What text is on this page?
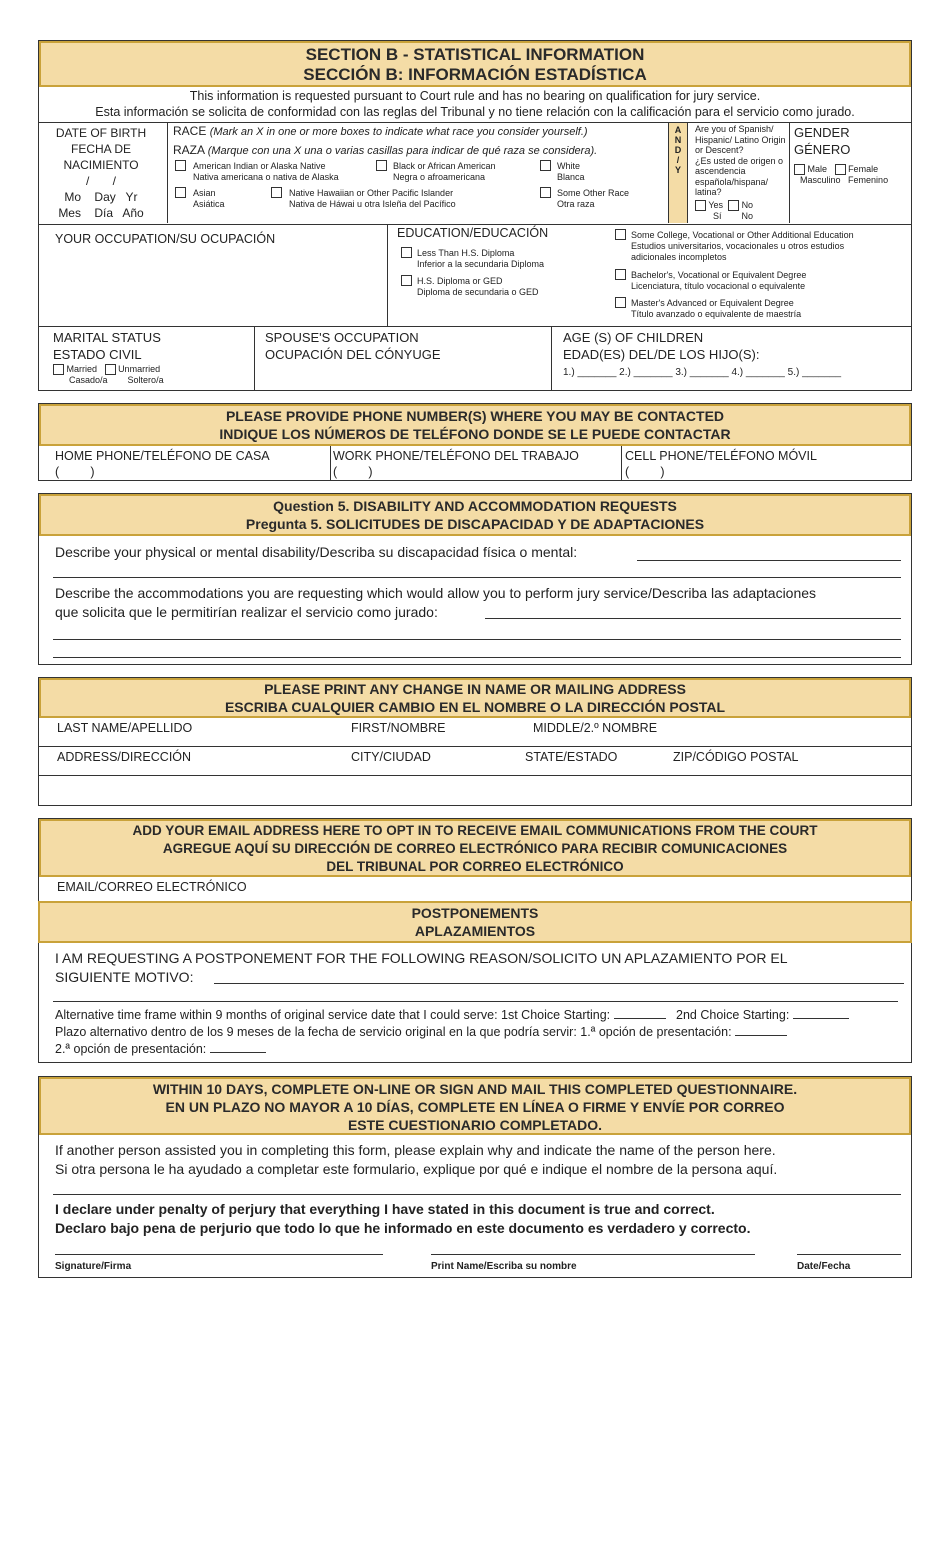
SECTION B - STATISTICAL INFORMATION
SECCIÓN B: INFORMACIÓN ESTADÍSTICA
This information is requested pursuant to Court rule and has no bearing on qualification for jury service.
Esta información se solicita de conformidad con las reglas del Tribunal y no tiene relación con la calificación para el servicio como jurado.
DATE OF BIRTH
FECHA DE
NACIMIENTO
/       /
Mo    Day   Yr
Mes    Día   Año
RACE (Mark an X in one or more boxes to indicate what race you consider yourself.)
RAZA (Marque con una X una o varias casillas para indicar de qué raza se considera).
American Indian or Alaska Native
Nativa americana o nativa de Alaska
Black or African American
Negra o afroamericana
White
Blanca
Asian
Asiática
Native Hawaiian or Other Pacific Islander
Nativa de Háwai u otra Isleña del Pacífico
Some Other Race
Otra raza
A
N
D
/
Y
Are you of Spanish/ Hispanic/ Latino Origin or Descent?
¿Es usted de origen o ascendencia española/hispana/ latina?
Yes No
Sí No
GENDER
GÉNERO
Male Female
Masculino Femenino
YOUR OCCUPATION/SU OCUPACIÓN	EDUCATION/EDUCACIÓN
Less Than H.S. Diploma
Inferior a la secundaria Diploma
H.S. Diploma or GED
Diploma de secundaria o GED
Some College, Vocational or Other Additional Education
Estudios universitarios, vocacionales u otros estudios
adicionales incompletos
Bachelor's, Vocational or Equivalent Degree
Licenciatura, título vocacional o equivalente
Master's Advanced or Equivalent Degree
Título avanzado o equivalente de maestría
MARITAL STATUS
ESTADO CIVIL
Married Unmarried
Casado/a Soltero/a
SPOUSE'S OCCUPATION
OCUPACIÓN DEL CÓNYUGE
AGE (S) OF CHILDREN
EDAD(ES) DEL/DE LOS HIJO(S):
1.) _______ 2.) _______ 3.) _______ 4.) _______ 5.) _______
PLEASE PROVIDE PHONE NUMBER(S) WHERE YOU MAY BE CONTACTED
INDIQUE LOS NÚMEROS DE TELÉFONO DONDE SE LE PUEDE CONTACTAR
HOME PHONE/TELÉFONO DE CASA
(         )
WORK PHONE/TELÉFONO DEL TRABAJO
(         )
CELL PHONE/TELÉFONO MÓVIL
(         )
Question 5. DISABILITY AND ACCOMMODATION REQUESTS
Pregunta 5. SOLICITUDES DE DISCAPACIDAD Y DE ADAPTACIONES
Describe your physical or mental disability/Describa su discapacidad física o mental:
Describe the accommodations you are requesting which would allow you to perform jury service/Describa las adaptaciones
que solicita que le permitirían realizar el servicio como jurado:
PLEASE PRINT ANY CHANGE IN NAME OR MAILING ADDRESS
ESCRIBA CUALQUIER CAMBIO EN EL NOMBRE O LA DIRECCIÓN POSTAL
LAST NAME/APELLIDO	FIRST/NOMBRE	MIDDLE/2.º NOMBRE
ADDRESS/DIRECCIÓN	CITY/CIUDAD	STATE/ESTADO	ZIP/CÓDIGO POSTAL
ADD YOUR EMAIL ADDRESS HERE TO OPT IN TO RECEIVE EMAIL COMMUNICATIONS FROM THE COURT
AGREGUE AQUÍ SU DIRECCIÓN DE CORREO ELECTRÓNICO PARA RECIBIR COMUNICACIONES
DEL TRIBUNAL POR CORREO ELECTRÓNICO
EMAIL/CORREO ELECTRÓNICO
POSTPONEMENTS
APLAZAMIENTOS
I AM REQUESTING A POSTPONEMENT FOR THE FOLLOWING REASON/SOLICITO UN APLAZAMIENTO POR EL
SIGUIENTE MOTIVO:
Alternative time frame within 9 months of original service date that I could serve: 1st Choice Starting:	2nd Choice Starting:
Plazo alternativo dentro de los 9 meses de la fecha de servicio original en la que podría servir: 1.ª opción de presentación:
2.ª opción de presentación:
WITHIN 10 DAYS, COMPLETE ON-LINE OR SIGN AND MAIL THIS COMPLETED QUESTIONNAIRE.
EN UN PLAZO NO MAYOR A 10 DÍAS, COMPLETE EN LÍNEA O FIRME Y ENVÍE POR CORREO
ESTE CUESTIONARIO COMPLETADO.
If another person assisted you in completing this form, please explain why and indicate the name of the person here.
Si otra persona le ha ayudado a completar este formulario, explique por qué e indique el nombre de la persona aquí.
I declare under penalty of perjury that everything I have stated in this document is true and correct.
Declaro bajo pena de perjurio que todo lo que he informado en este documento es verdadero y correcto.
Signature/Firma	Print Name/Escriba su nombre	Date/Fecha
